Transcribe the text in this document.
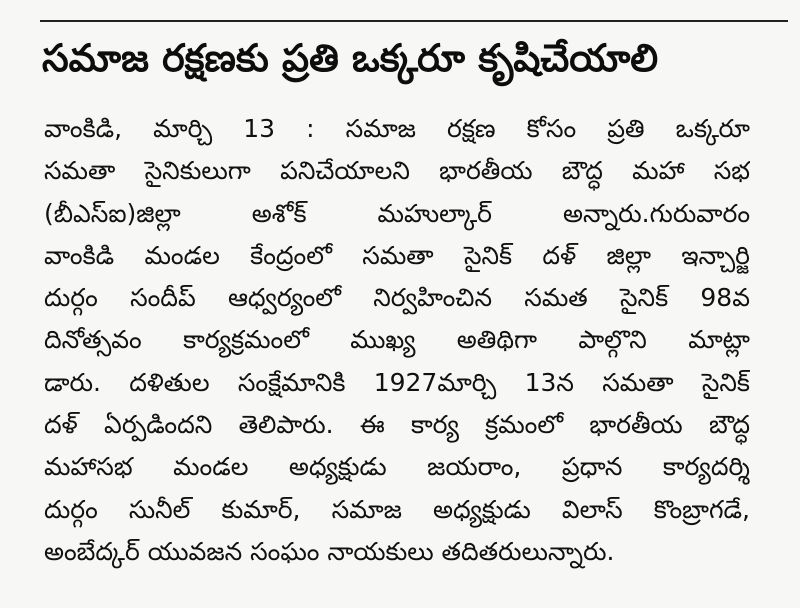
సమాజ రక్షణకు ప్రతి ఒక్కరూ కృషిచేయాలి
వాంకిడి, మార్చి 13 : సమాజ రక్షణ కోసం ప్రతి ఒక్కరూ
సమతా సైనికులుగా పనిచేయాలని భారతీయ బౌద్ధ మహా సభ
(బీఎస్ఐ)జిల్లా అశోక్ మహుల్కార్ అన్నారు.గురువారం
వాంకిడి మండల కేంద్రంలో సమతా సైనిక్ దళ్ జిల్లా ఇన్చార్జి
దుర్గం సందీప్ ఆధ్వర్యంలో నిర్వహించిన సమత సైనిక్ 98వ
దినోత్సవం కార్యక్రమంలో ముఖ్య అతిథిగా పాల్గొని మాట్లా
డారు. దళితుల సంక్షేమానికి 1927మార్చి 13న సమతా సైనిక్
దళ్ ఏర్పడిందని తెలిపారు. ఈ కార్య క్రమంలో భారతీయ బౌద్ధ
మహాసభ మండల అధ్యక్షుడు జయరాం, ప్రధాన కార్యదర్శి
దుర్గం సునీల్ కుమార్, సమాజ అధ్యక్షుడు విలాస్ కొంబ్రాగడే,
అంబేద్కర్ యువజన సంఘం నాయకులు తదితరులున్నారు.
